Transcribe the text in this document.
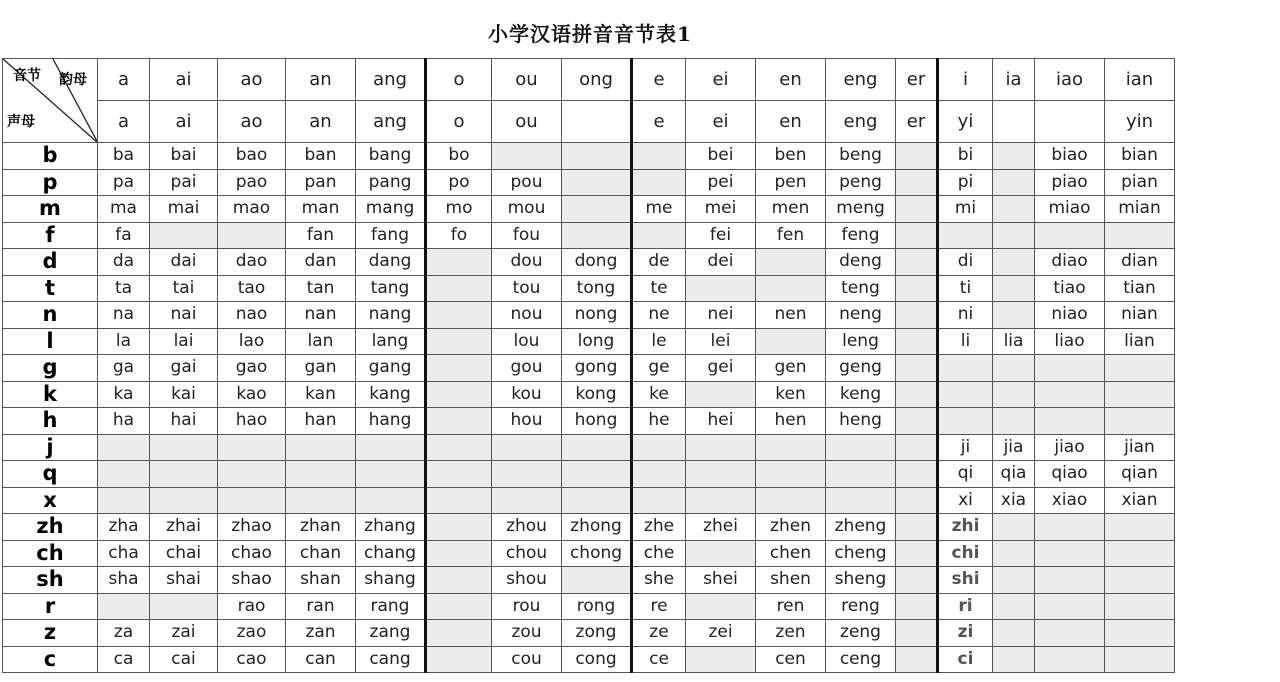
小学汉语拼音音节表1
音节 韵母
声母	a	ai	ao	an	ang	o	ou	ong	e	ei	en	eng	er	i	ia	iao	ian
	a	ai	ao	an	ang	o	ou		e	ei	en	eng	er	yi			yin
b	ba	bai	bao	ban	bang	bo				bei	ben	beng		bi		biao	bian
p	pa	pai	pao	pan	pang	po	pou			pei	pen	peng		pi		piao	pian
m	ma	mai	mao	man	mang	mo	mou		me	mei	men	meng		mi		miao	mian
f	fa			fan	fang	fo	fou			fei	fen	feng					
d	da	dai	dao	dan	dang		dou	dong	de	dei		deng		di		diao	dian
t	ta	tai	tao	tan	tang		tou	tong	te			teng		ti		tiao	tian
n	na	nai	nao	nan	nang		nou	nong	ne	nei	nen	neng		ni		niao	nian
l	la	lai	lao	lan	lang		lou	long	le	lei		leng		li	lia	liao	lian
g	ga	gai	gao	gan	gang		gou	gong	ge	gei	gen	geng					
k	ka	kai	kao	kan	kang		kou	kong	ke		ken	keng					
h	ha	hai	hao	han	hang		hou	hong	he	hei	hen	heng					
j														ji	jia	jiao	jian
q														qi	qia	qiao	qian
x														xi	xia	xiao	xian
zh	zha	zhai	zhao	zhan	zhang		zhou	zhong	zhe	zhei	zhen	zheng		zhi			
ch	cha	chai	chao	chan	chang		chou	chong	che		chen	cheng		chi			
sh	sha	shai	shao	shan	shang		shou		she	shei	shen	sheng		shi			
r			rao	ran	rang		rou	rong	re		ren	reng		ri			
z	za	zai	zao	zan	zang		zou	zong	ze	zei	zen	zeng		zi			
c	ca	cai	cao	can	cang		cou	cong	ce		cen	ceng		ci			
